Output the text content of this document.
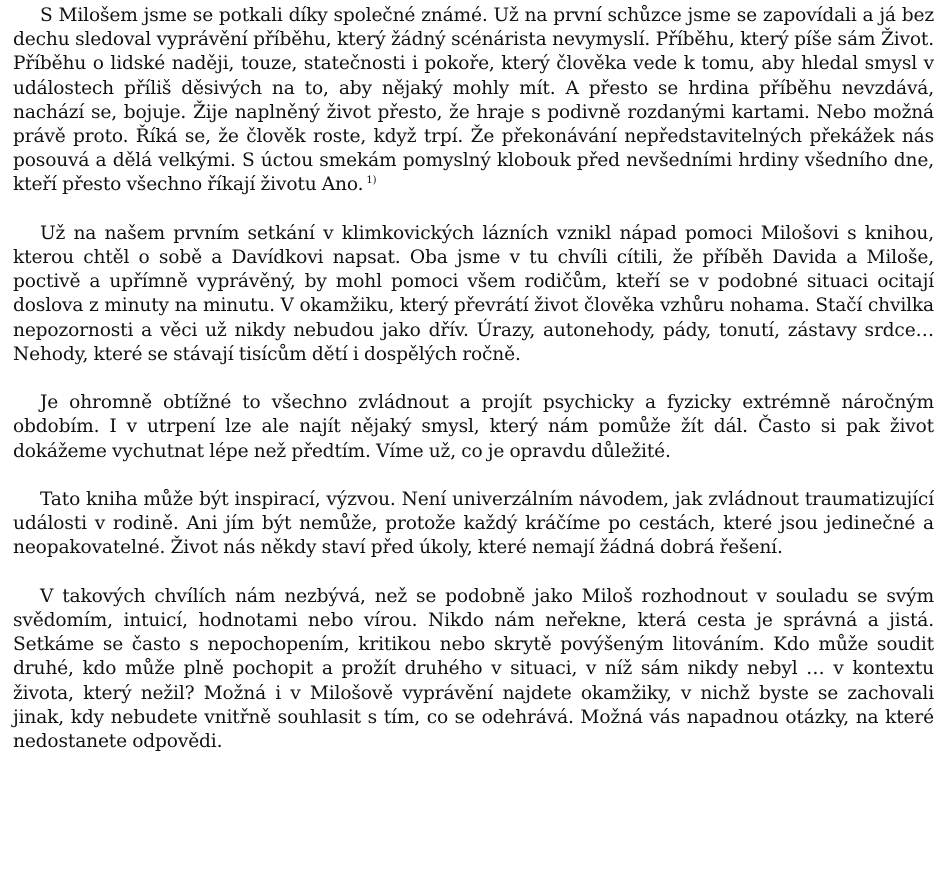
S Milošem jsme se potkali díky společné známé. Už na první schůzce jsme se zapovídali a já bez dechu sledoval vyprávění příběhu, který žádný scénárista nevymyslí. Příběhu, který píše sám Život. Příběhu o lidské naději, touze, statečnosti i pokoře, který člověka vede k tomu, aby hledal smysl v událostech příliš děsivých na to, aby nějaký mohly mít. A přesto se hrdina příběhu nevzdává, nachází se, bojuje. Žije naplněný život přesto, že hraje s podivně rozdanými kartami. Nebo možná právě proto. Říká se, že člověk roste, když trpí. Že překonávání nepředstavitelných překážek nás posouvá a dělá velkými. S úctou smekám pomyslný klobouk před nevšedními hrdiny všedního dne, kteří přesto všechno říkají životu Ano. $^{1)}$

Už na našem prvním setkání v klimkovických lázních vznikl nápad pomoci Milošovi s knihou, kterou chtěl o sobě a Davídkovi napsat. Oba jsme v tu chvíli cítili, že příběh Davida a Miloše, poctivě a upřímně vyprávěný, by mohl pomoci všem rodičům, kteří se v podobné situaci ocitají doslova z minuty na minutu. V okamžiku, který převrátí život člověka vzhůru nohama. Stačí chvilka nepozornosti a věci už nikdy nebudou jako dřív. Úrazy, autonehody, pády, tonutí, zástavy srdce… Nehody, které se stávají tisícům dětí i dospělých ročně.

Je ohromně obtížné to všechno zvládnout a projít psychicky a fyzicky extrémně náročným obdobím. I v utrpení lze ale najít nějaký smysl, který nám pomůže žít dál. Často si pak život dokážeme vychutnat lépe než předtím. Víme už, co je opravdu důležité.

Tato kniha může být inspirací, výzvou. Není univerzálním návodem, jak zvládnout traumatizující události v rodině. Ani jím být nemůže, protože každý kráčíme po cestách, které jsou jedinečné a neopakovatelné. Život nás někdy staví před úkoly, které nemají žádná dobrá řešení.

V takových chvílích nám nezbývá, než se podobně jako Miloš rozhodnout v souladu se svým svědomím, intuicí, hodnotami nebo vírou. Nikdo nám neřekne, která cesta je správná a jistá. Setkáme se často s nepochopením, kritikou nebo skrytě povýšeným litováním. Kdo může soudit druhé, kdo může plně pochopit a prožít druhého v situaci, v níž sám nikdy nebyl … v kontextu života, který nežil? Možná i v Milošově vyprávění najdete okamžiky, v nichž byste se zachovali jinak, kdy nebudete vnitřně souhlasit s tím, co se odehrává. Možná vás napadnou otázky, na které nedostanete odpovědi.
